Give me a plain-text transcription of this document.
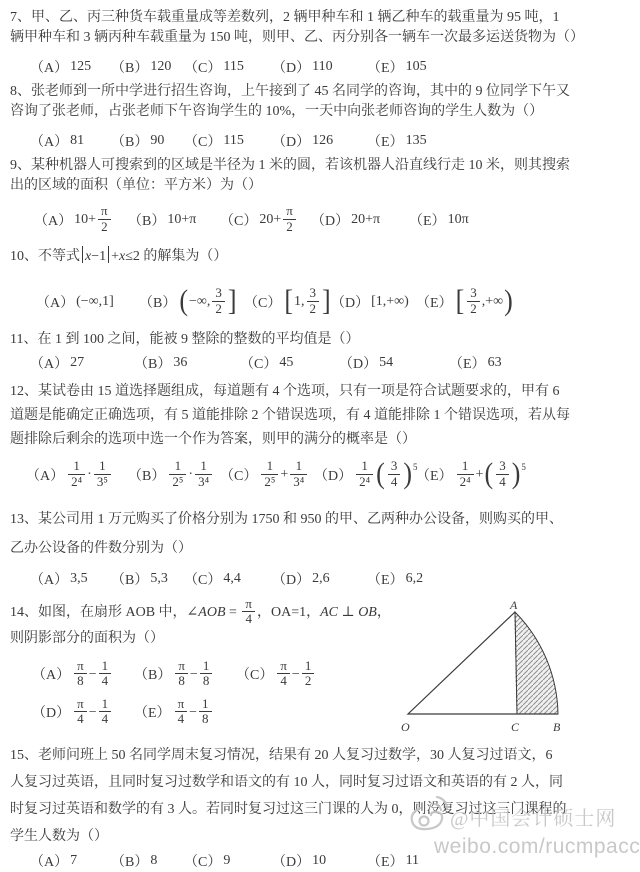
7、甲、乙、丙三种货车载重量成等差数列，2 辆甲种车和 1 辆乙种车的载重量为 95 吨，1
辆甲种车和 3 辆丙种车载重量为 150 吨，则甲、乙、丙分别各一辆车一次最多运送货物为（）
（A） 125 （B） 120 （C） 115 （D） 110 （E） 105
8、张老师到一所中学进行招生咨询，上午接到了 45 名同学的咨询，其中的 9 位同学下午又
咨询了张老师，占张老师下午咨询学生的 10%，一天中向张老师咨询的学生人数为（）
（A） 81 （B） 90 （C） 115 （D） 126 （E） 135
9、某种机器人可搜索到的区域是半径为 1 米的圆，若该机器人沿直线行走 10 米，则其搜索
出的区域的面积（单位：平方米）为（）
（A） $10+ \frac{\pi}{2} (B)$ 10+π （C） $20+ \frac{\pi}{2} (D)$ 20+π （E） 10π
10、不等式 x−1 +x≤2 的解集为（）
（A） (−∞,1] （B） (−∞, $\frac{3}{2}$ ] （C） [1, $\frac{3}{2}$ ] （D） [1,+∞) （E） [ $\frac{3}{2}$ ,+∞)
11、在 1 到 100 之间，能被 9 整除的整数的平均值是（）
（A） 27	（B） 36	（C） 45	（D） 54	（E） 63
12、某试卷由 15 道选择题组成，每道题有 4 个选项，只有一项是符合试题要求的，甲有 6
道题是能确定正确选项，有 5 道能排除 2 个错误选项，有 4 道能排除 1 个错误选项，若从每
题排除后剩余的选项中选一个作为答案，则甲的满分的概率是（）
$(A) \frac{1}{\text{2⁴}} \cdot \frac{1}{\text{3⁵}} (B) \frac{1}{\text{2⁵}} \cdot \frac{1}{\text{3⁴}} (C) \frac{1}{\text{2⁵}} + \frac{1}{\text{3⁴}} (D) \frac{1}{\text{2⁴}}$ ( $\frac{3}{4} )^5$
$(E) \frac{1}{\text{2⁴}}$ +( $\frac{3}{4} )^5$
13、某公司用 1 万元购买了价格分别为 1750 和 950 的甲、乙两种办公设备，则购买的甲、
乙办公设备的件数分别为（）
（A） 3,5 （B） 5,3 （C） 4,4 （D） 2,6	（E） 6,2
14、如图，在扇形 AOB 中，∠AOB = $\frac{\pi}{4}$ ，OA=1，AC ⊥ OB，
则阴影部分的面积为（）
$(A) \frac{\pi}{8} - \frac{1}{4} (B) \frac{\pi}{8} - \frac{1}{8} (C) \frac{\pi}{4} - \frac{1}{2}$
$(D) \frac{\pi}{4} - \frac{1}{4} (E) \frac{\pi}{4} - \frac{1}{8}$
A
O	C	B
15、老师问班上 50 名同学周末复习情况，结果有 20 人复习过数学，30 人复习过语文，6
人复习过英语，且同时复习过数学和语文的有 10 人，同时复习过语文和英语的有 2 人，同
时复习过英语和数学的有 3 人。若同时复习过这三门课的人为 0，则没复习过这三门课程的
学生人数为（）
（A） 7 （B） 8 （C） 9	（D） 10	（E） 11
@中国会计硕士网
weibo.com/rucmpacc
